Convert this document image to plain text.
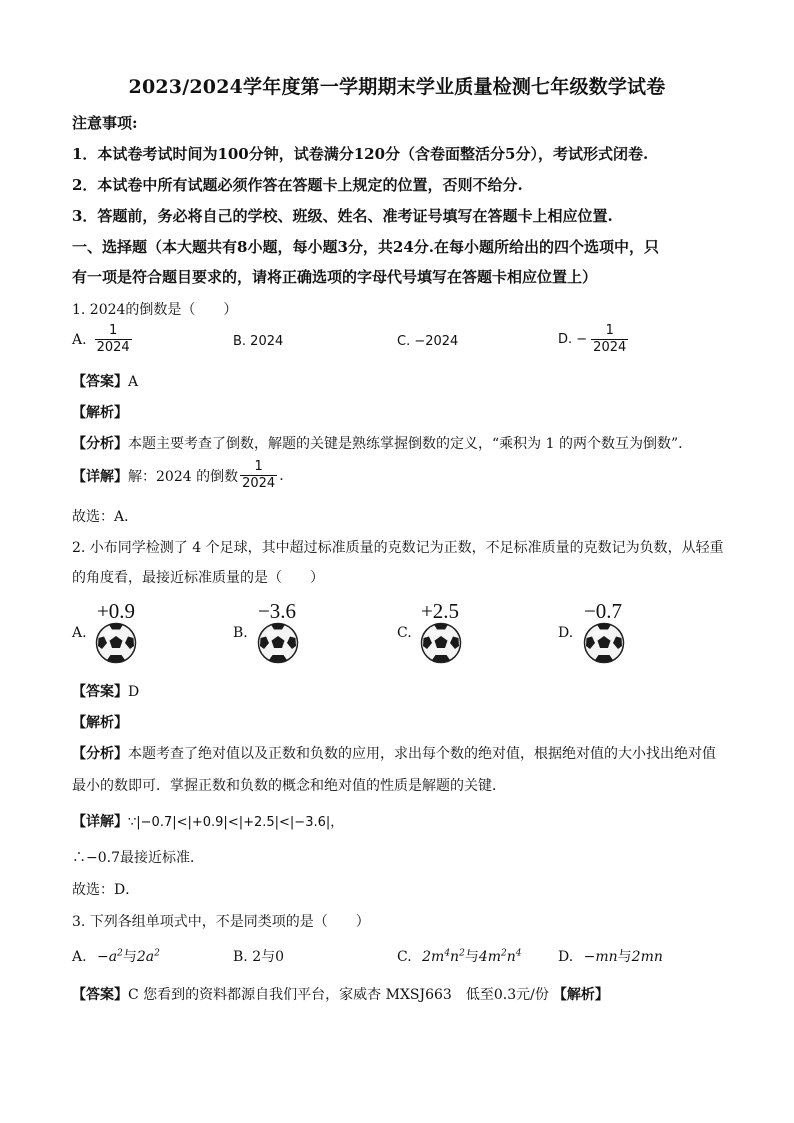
2023/2024学年度第一学期期末学业质量检测七年级数学试卷
注意事项:
1．本试卷考试时间为100分钟，试卷满分120分（含卷面整活分5分），考试形式闭卷.
2．本试卷中所有试题必须作答在答题卡上规定的位置，否则不给分.
3．答题前，务必将自己的学校、班级、姓名、准考证号填写在答题卡上相应位置.
一、选择题（本大题共有8小题，每小题3分，共24分.在每小题所给出的四个选项中，只
有一项是符合题目要求的，请将正确选项的字母代号填写在答题卡相应位置上）
1. 2024的倒数是（　　）
A. $\frac{1}{2024}$	B. 2024	C. −2024	D. − $\frac{1}{2024}$
【答案】A
【解析】
【分析】本题主要考查了倒数，解题的关键是熟练掌握倒数的定义，“乘积为 1 的两个数互为倒数”.
【详解】 解：2024 的倒数 $\frac{1}{2024}$ .
故选：A．
2. 小布同学检测了 4 个足球，其中超过标准质量的克数记为正数，不足标准质量的克数记为负数，从轻重
的角度看，最接近标准质量的是（　　）
A.
+0.9
B.
−3.6
C.
+2.5
D.
−0.7
【答案】D
【解析】
【分析】本题考查了绝对值以及正数和负数的应用，求出每个数的绝对值，根据绝对值的大小找出绝对值
最小的数即可．掌握正数和负数的概念和绝对值的性质是解题的关键．
【详解】∵|−0.7|<|+0.9|<|+2.5|<|−3.6|，
∴−0.7最接近标准．
故选：D．
3. 下列各组单项式中，不是同类项的是（　　）
A. $-a^2$与$2a^2$	B. 2与0	C. $2m^4n^2$与$4m^2n^4$	D. −mn与2mn
【答案】C 您看到的资料都源自我们平台，家威杏 MXSJ663　低至0.3元/份 【解析】
